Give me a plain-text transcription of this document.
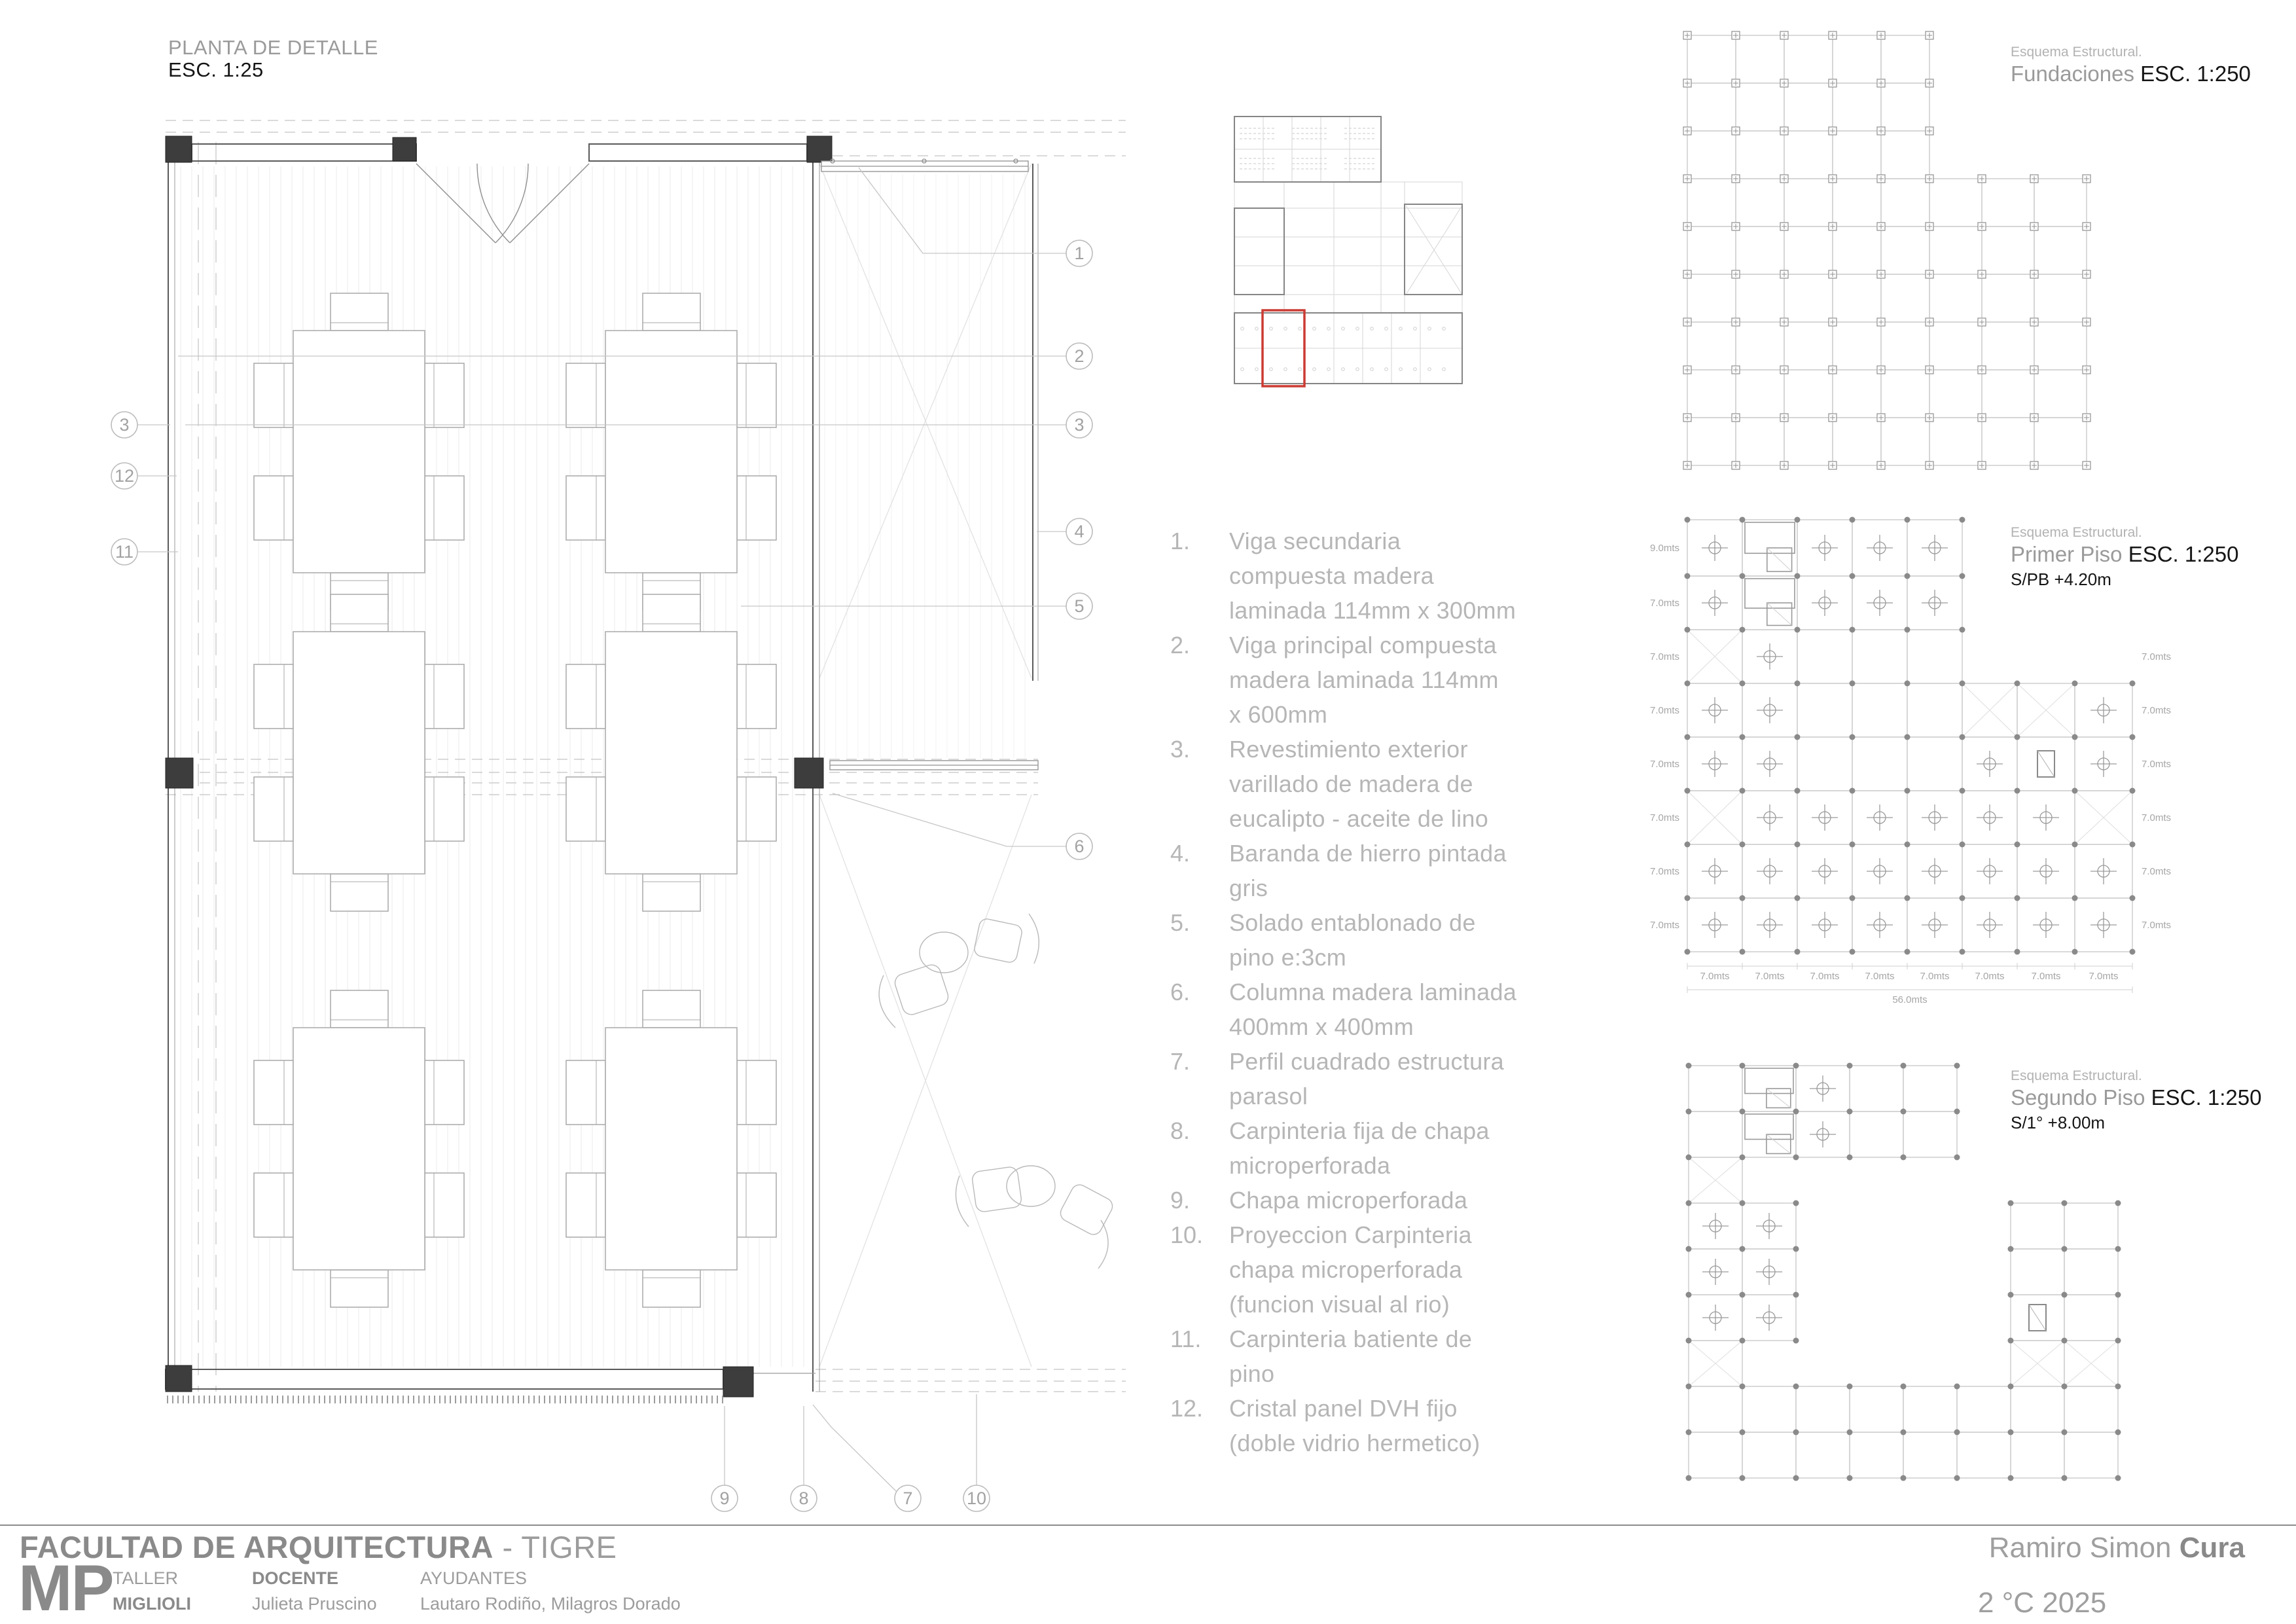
PLANTA DE DETALLE
ESC. 1:25
1
2
3
4
5
6
3
12
11
9	8	7	10
1.	Viga secundaria
compuesta madera
laminada 114mm x 300mm
2.	Viga principal compuesta
madera laminada 114mm
x 600mm
3.	Revestimiento exterior
varillado de madera de
eucalipto - aceite de lino
4.	Baranda de hierro pintada
gris
5.	Solado entablonado de
pino e:3cm
6.	Columna madera laminada
400mm x 400mm
7.	Perfil cuadrado estructura
parasol
8.	Carpinteria fija de chapa
microperforada
9.	Chapa microperforada
10.	Proyeccion Carpinteria
chapa microperforada
(funcion visual al rio)
11.	Carpinteria batiente de
pino
12.	Cristal panel DVH fijo
(doble vidrio hermetico)
Esquema Estructural.
Fundaciones ESC. 1:250
Esquema Estructural.
Primer Piso ESC. 1:250
S/PB +4.20m
9.0mts
7.0mts
7.0mts
7.0mts
7.0mts
7.0mts
7.0mts
7.0mts
7.0mts
7.0mts
7.0mts
7.0mts
7.0mts
7.0mts
7.0mts	7.0mts	7.0mts	7.0mts	7.0mts	7.0mts	7.0mts	7.0mts
56.0mts
Esquema Estructural.
Segundo Piso ESC. 1:250
S/1° +8.00m
FACULTAD DE ARQUITECTURA - TIGRE
MP TALLER
MIGLIOLI
DOCENTE
Julieta Pruscino
AYUDANTES
Lautaro Rodiño, Milagros Dorado
Ramiro Simon Cura
2 °C 2025
